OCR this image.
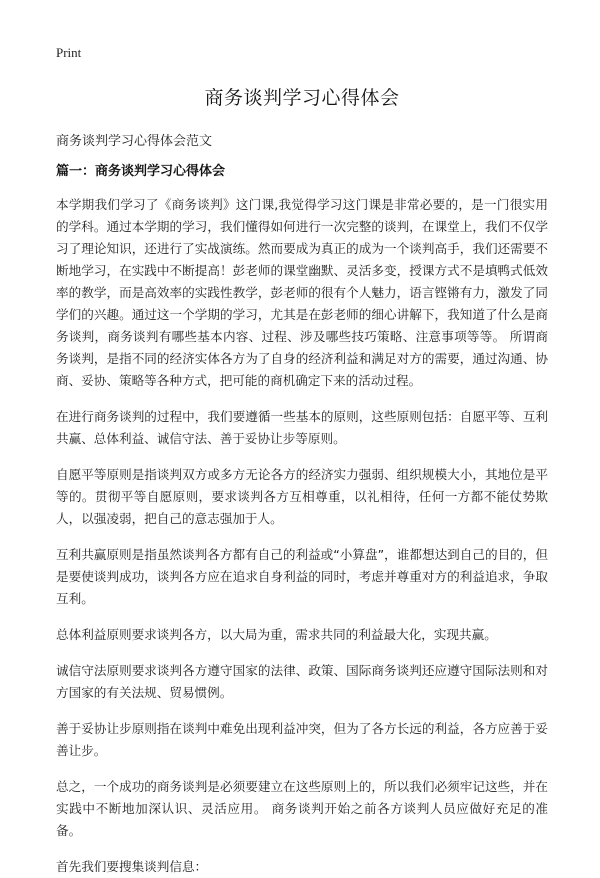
Print
商务谈判学习心得体会
商务谈判学习心得体会范文
篇一：商务谈判学习心得体会

本学期我们学习了《商务谈判》这门课,我觉得学习这门课是非常必要的，是一门很实用的学科。通过本学期的学习，我们懂得如何进行一次完整的谈判，在课堂上，我们不仅学习了理论知识，还进行了实战演练。然而要成为真正的成为一个谈判高手，我们还需要不断地学习，在实践中不断提高！彭老师的课堂幽默、灵活多变，授课方式不是填鸭式低效率的教学，而是高效率的实践性教学，彭老师的很有个人魅力，语言铿锵有力，激发了同学们的兴趣。通过这一个学期的学习，尤其是在彭老师的细心讲解下，我知道了什么是商务谈判，商务谈判有哪些基本内容、过程、涉及哪些技巧策略、注意事项等等。 所谓商务谈判，是指不同的经济实体各方为了自身的经济利益和满足对方的需要，通过沟通、协商、妥协、策略等各种方式，把可能的商机确定下来的活动过程。

在进行商务谈判的过程中，我们要遵循一些基本的原则，这些原则包括：自愿平等、互利共赢、总体利益、诚信守法、善于妥协让步等原则。

自愿平等原则是指谈判双方或多方无论各方的经济实力强弱、组织规模大小，其地位是平等的。贯彻平等自愿原则，要求谈判各方互相尊重，以礼相待，任何一方都不能仗势欺人，以强凌弱，把自己的意志强加于人。

互利共赢原则是指虽然谈判各方都有自己的利益或“小算盘”，谁都想达到自己的目的，但是要使谈判成功，谈判各方应在追求自身利益的同时，考虑并尊重对方的利益追求，争取互利。

总体利益原则要求谈判各方，以大局为重，需求共同的利益最大化，实现共赢。

诚信守法原则要求谈判各方遵守国家的法律、政策、国际商务谈判还应遵守国际法则和对方国家的有关法规、贸易惯例。

善于妥协让步原则指在谈判中难免出现利益冲突，但为了各方长远的利益，各方应善于妥善让步。

总之，一个成功的商务谈判是必须要建立在这些原则上的，所以我们必须牢记这些，并在实践中不断地加深认识、灵活应用。 商务谈判开始之前各方谈判人员应做好充足的准备。

首先我们要搜集谈判信息：
